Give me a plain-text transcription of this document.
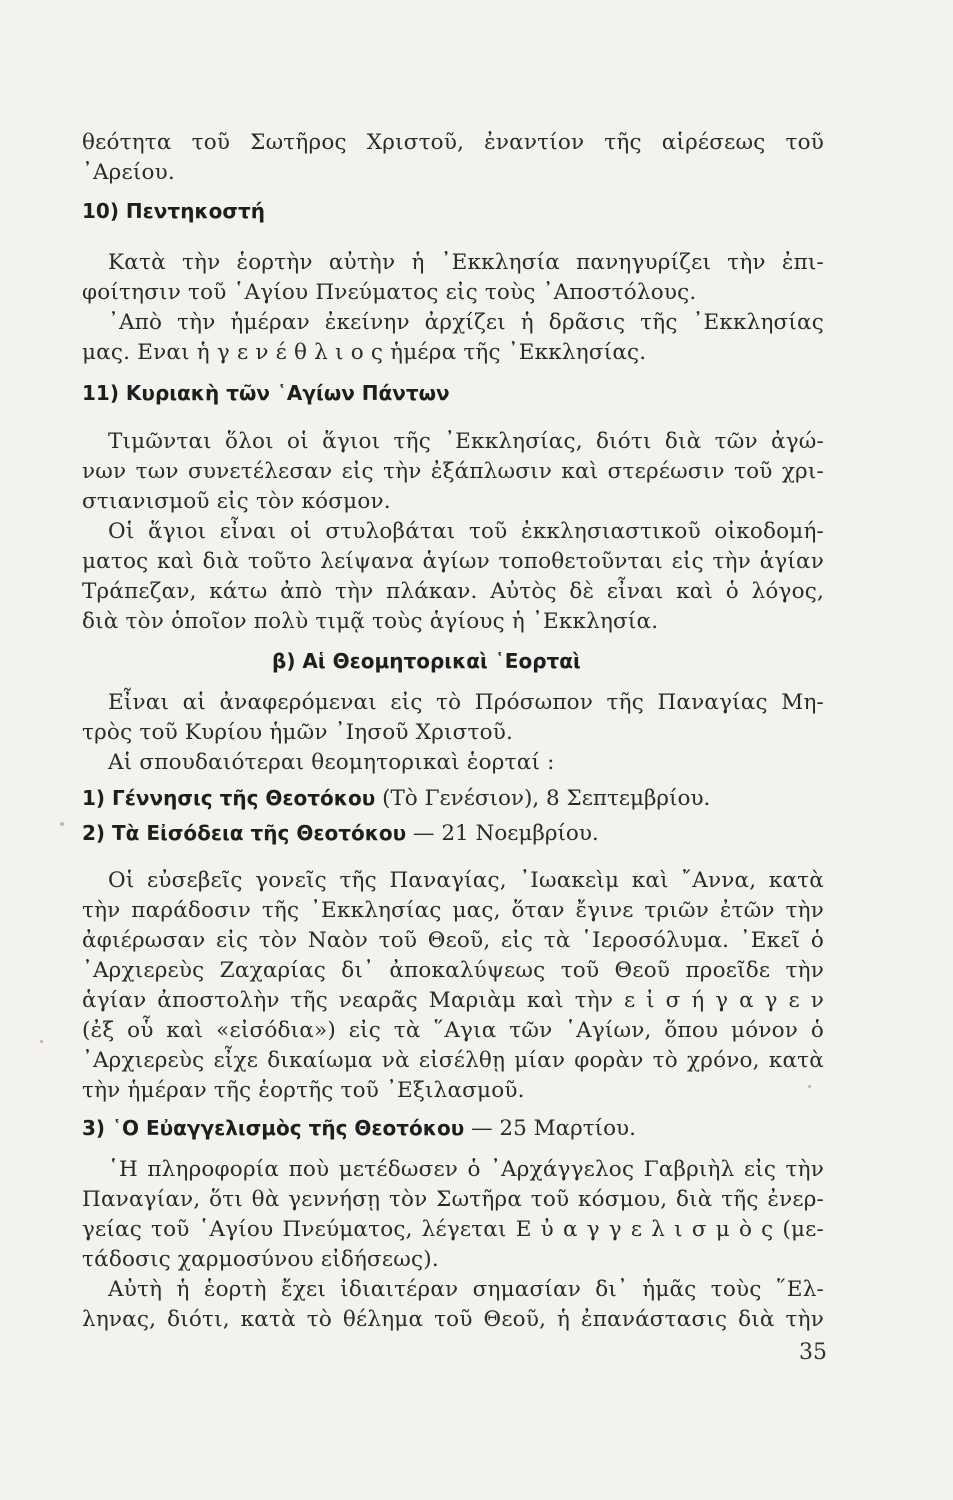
θεότητα τοῦ Σωτῆρος Χριστοῦ, ἐναντίον τῆς αἱρέσεως τοῦ
᾿Αρείου.
10) Πεντηκοστή
Κατὰ τὴν ἑορτὴν αὐτὴν ἡ ᾿Εκκλησία πανηγυρίζει τὴν ἐπι-
φοίτησιν τοῦ ῾Αγίου Πνεύματος εἰς τοὺς ᾿Αποστόλους.
᾿Απὸ τὴν ἡμέραν ἐκείνην ἀρχίζει ἡ δρᾶσις τῆς ᾿Εκκλησίας
μας. Εναι ἡ γ ε ν έ θ λ ι ο ς ἡμέρα τῆς ᾿Εκκλησίας.
11) Κυριακὴ τῶν ῾Αγίων Πάντων
Τιμῶνται ὅλοι οἱ ἅγιοι τῆς ᾿Εκκλησίας, διότι διὰ τῶν ἀγώ-
νων των συνετέλεσαν εἰς τὴν ἐξάπλωσιν καὶ στερέωσιν τοῦ χρι-
στιανισμοῦ εἰς τὸν κόσμον.
Οἱ ἅγιοι εἶναι οἱ στυλοβάται τοῦ ἐκκλησιαστικοῦ οἰκοδομή-
ματος καὶ διὰ τοῦτο λείψανα ἁγίων τοποθετοῦνται εἰς τὴν ἁγίαν
Τράπεζαν, κάτω ἀπὸ τὴν πλάκαν. Αὐτὸς δὲ εἶναι καὶ ὁ λόγος,
διὰ τὸν ὁποῖον πολὺ τιμᾷ τοὺς ἁγίους ἡ ᾿Εκκλησία.
β) Αἱ Θεομητορικαὶ ῾Εορταὶ
Εἶναι αἱ ἀναφερόμεναι εἰς τὸ Πρόσωπον τῆς Παναγίας Μη-
τρὸς τοῦ Κυρίου ἡμῶν ᾿Ιησοῦ Χριστοῦ.
Αἱ σπουδαιότεραι θεομητορικαὶ ἑορταί :
1) Γέννησις τῆς Θεοτόκου (Τὸ Γενέσιον), 8 Σεπτεμβρίου.
2) Τὰ Εἰσόδεια τῆς Θεοτόκου — 21 Νοεμβρίου.
Οἱ εὐσεβεῖς γονεῖς τῆς Παναγίας, ᾿Ιωακεὶμ καὶ ῎Αννα, κατὰ
τὴν παράδοσιν τῆς ᾿Εκκλησίας μας, ὅταν ἔγινε τριῶν ἐτῶν τὴν
ἀφιέρωσαν εἰς τὸν Ναὸν τοῦ Θεοῦ, εἰς τὰ ῾Ιεροσόλυμα. ᾿Εκεῖ ὁ
᾿Αρχιερεὺς Ζαχαρίας δι᾿ ἀποκαλύψεως τοῦ Θεοῦ προεῖδε τὴν
ἁγίαν ἀποστολὴν τῆς νεαρᾶς Μαριὰμ καὶ τὴν ε ἰ σ ή γ α γ ε ν
(ἐξ οὗ καὶ «εἰσόδια») εἰς τὰ ῞Αγια τῶν ῾Αγίων, ὅπου μόνον ὁ
᾿Αρχιερεὺς εἶχε δικαίωμα νὰ εἰσέλθῃ μίαν φορὰν τὸ χρόνο, κατὰ
τὴν ἡμέραν τῆς ἑορτῆς τοῦ ᾿Εξιλασμοῦ.
3) ῾Ο Εὐαγγελισμὸς τῆς Θεοτόκου — 25 Μαρτίου.
῾Η πληροφορία ποὺ μετέδωσεν ὁ ᾿Αρχάγγελος Γαβριὴλ εἰς τὴν
Παναγίαν, ὅτι θὰ γεννήσῃ τὸν Σωτῆρα τοῦ κόσμου, διὰ τῆς ἐνερ-
γείας τοῦ ῾Αγίου Πνεύματος, λέγεται Ε ὐ α γ γ ε λ ι σ μ ὸ ς (με-
τάδοσις χαρμοσύνου εἰδήσεως).
Αὐτὴ ἡ ἑορτὴ ἔχει ἰδιαιτέραν σημασίαν δι᾿ ἡμᾶς τοὺς ῞Ελ-
ληνας, διότι, κατὰ τὸ θέλημα τοῦ Θεοῦ, ἡ ἐπανάστασις διὰ τὴν
35
